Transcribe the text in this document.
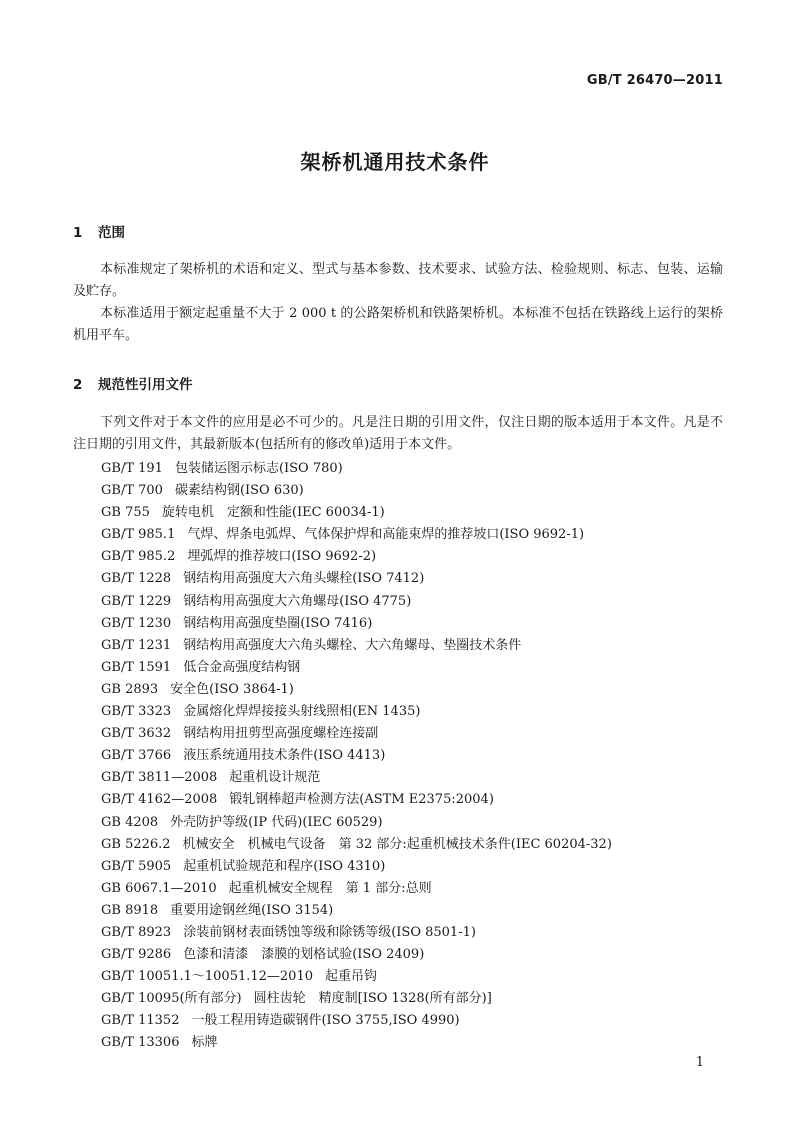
GB/T 26470—2011
架桥机通用技术条件
1 范围

本标准规定了架桥机的术语和定义、型式与基本参数、技术要求、试验方法、检验规则、标志、包装、运输及贮存。

本标准适用于额定起重量不大于 2 000 t 的公路架桥机和铁路架桥机。本标准不包括在铁路线上运行的架桥机用平车。

2 规范性引用文件

下列文件对于本文件的应用是必不可少的。凡是注日期的引用文件，仅注日期的版本适用于本文件。凡是不注日期的引用文件，其最新版本(包括所有的修改单)适用于本文件。

GB/T 191 包装储运图示标志(ISO 780)
GB/T 700 碳素结构钢(ISO 630)
GB 755 旋转电机　定额和性能(IEC 60034-1)
GB/T 985.1 气焊、焊条电弧焊、气体保护焊和高能束焊的推荐坡口(ISO 9692-1)
GB/T 985.2 埋弧焊的推荐坡口(ISO 9692-2)
GB/T 1228 钢结构用高强度大六角头螺栓(ISO 7412)
GB/T 1229 钢结构用高强度大六角螺母(ISO 4775)
GB/T 1230 钢结构用高强度垫圈(ISO 7416)
GB/T 1231 钢结构用高强度大六角头螺栓、大六角螺母、垫圈技术条件
GB/T 1591 低合金高强度结构钢
GB 2893 安全色(ISO 3864-1)
GB/T 3323 金属熔化焊焊接接头射线照相(EN 1435)
GB/T 3632 钢结构用扭剪型高强度螺栓连接副
GB/T 3766 液压系统通用技术条件(ISO 4413)
GB/T 3811—2008 起重机设计规范
GB/T 4162—2008 锻轧钢棒超声检测方法(ASTM E2375:2004)
GB 4208 外壳防护等级(IP 代码)(IEC 60529)
GB 5226.2 机械安全　机械电气设备　第 32 部分:起重机械技术条件(IEC 60204-32)
GB/T 5905 起重机试验规范和程序(ISO 4310)
GB 6067.1—2010 起重机械安全规程　第 1 部分:总则
GB 8918 重要用途钢丝绳(ISO 3154)
GB/T 8923 涂装前钢材表面锈蚀等级和除锈等级(ISO 8501-1)
GB/T 9286 色漆和清漆　漆膜的划格试验(ISO 2409)
GB/T 10051.1～10051.12—2010 起重吊钩
GB/T 10095(所有部分) 圆柱齿轮　精度制[ISO 1328(所有部分)]
GB/T 11352 一般工程用铸造碳钢件(ISO 3755,ISO 4990)
GB/T 13306 标牌
1
